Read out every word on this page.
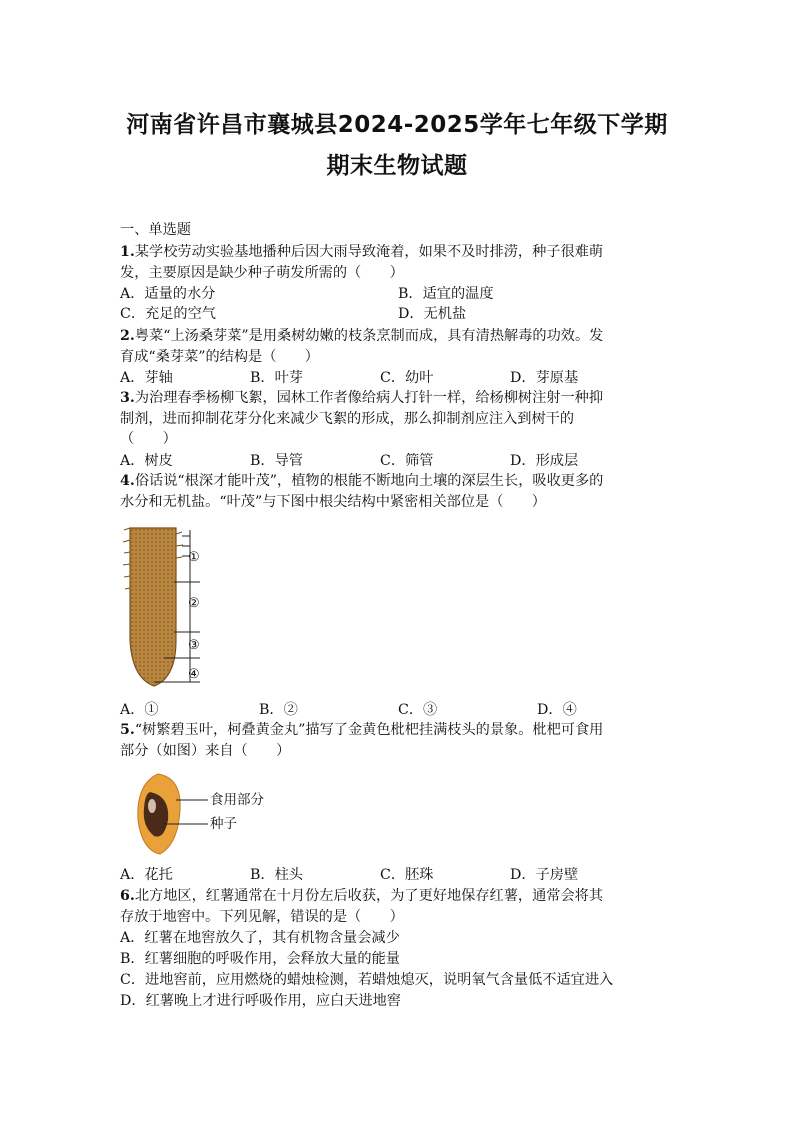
河南省许昌市襄城县2024-2025学年七年级下学期
期末生物试题
一、单选题
1.某学校劳动实验基地播种后因大雨导致淹着，如果不及时排涝，种子很难萌
发，主要原因是缺少种子萌发所需的（　　）
A．适量的水分	B．适宜的温度
C．充足的空气	D．无机盐
2.粤菜“上汤桑芽菜”是用桑树幼嫩的枝条烹制而成，具有清热解毒的功效。发
育成“桑芽菜”的结构是（　　）
A．芽轴	B．叶芽	C．幼叶	D．芽原基
3.为治理春季杨柳飞絮，园林工作者像给病人打针一样，给杨柳树注射一种抑
制剂，进而抑制花芽分化来减少飞絮的形成，那么抑制剂应注入到树干的
（　　）
A．树皮	B．导管	C．筛管	D．形成层
4.俗话说“根深才能叶茂”，植物的根能不断地向土壤的深层生长，吸收更多的
水分和无机盐。“叶茂”与下图中根尖结构中紧密相关部位是（　　）
①
②
③
④
A．①	B．②	C．③	D．④
5.“树繁碧玉叶，柯叠黄金丸”描写了金黄色枇杷挂满枝头的景象。枇杷可食用
部分（如图）来自（　　）
食用部分
种子
A．花托	B．柱头	C．胚珠	D．子房壁
6.北方地区，红薯通常在十月份左后收获，为了更好地保存红薯，通常会将其
存放于地窖中。下列见解，错误的是（　　）
A．红薯在地窖放久了，其有机物含量会减少
B．红薯细胞的呼吸作用，会释放大量的能量
C．进地窖前，应用燃烧的蜡烛检测，若蜡烛熄灭，说明氧气含量低不适宜进入
D．红薯晚上才进行呼吸作用，应白天进地窖
